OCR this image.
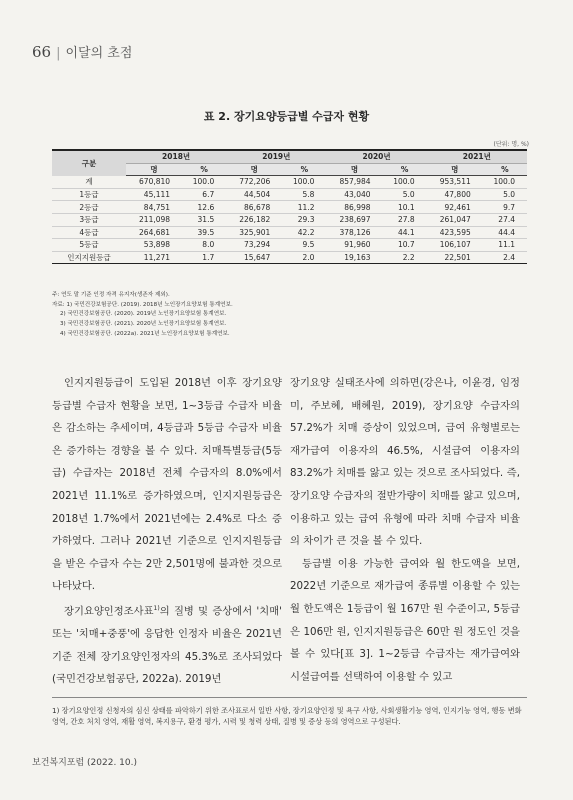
66 | 이달의 초점
표 2. 장기요양등급별 수급자 현황
(단위: 명, %)
구분	2018년		2019년		2020년		2021년	
	명	%	명	%	명	%	명	%
계	670,810	100.0	772,206	100.0	857,984	100.0	953,511	100.0
1등급	45,111	6.7	44,504	5.8	43,040	5.0	47,800	5.0
2등급	84,751	12.6	86,678	11.2	86,998	10.1	92,461	9.7
3등급	211,098	31.5	226,182	29.3	238,697	27.8	261,047	27.4
4등급	264,681	39.5	325,901	42.2	378,126	44.1	423,595	44.4
5등급	53,898	8.0	73,294	9.5	91,960	10.7	106,107	11.1
인지지원등급	11,271	1.7	15,647	2.0	19,163	2.2	22,501	2.4
주: 연도 말 기준 인정 자격 유지자(생존자 제외).
자료: 1) 국민건강보험공단. (2019). 2018년 노인장기요양보험 통계연보.
2) 국민건강보험공단. (2020). 2019년 노인장기요양보험 통계연보.
3) 국민건강보험공단. (2021). 2020년 노인장기요양보험 통계연보.
4) 국민건강보험공단. (2022a). 2021년 노인장기요양보험 통계연보.

인지지원등급이 도입된 2018년 이후 장기요양등급별 수급자 현황을 보면, 1~3등급 수급자 비율은 감소하는 추세이며, 4등급과 5등급 수급자 비율은 증가하는 경향을 볼 수 있다. 치매특별등급(5등급) 수급자는 2018년 전체 수급자의 8.0%에서 2021년 11.1%로 증가하였으며, 인지지원등급은 2018년 1.7%에서 2021년에는 2.4%로 다소 증가하였다. 그러나 2021년 기준으로 인지지원등급을 받은 수급자 수는 2만 2,501명에 불과한 것으로 나타났다.

장기요양인정조사표$^{1)}$의 질병 및 증상에서 '치매' 또는 '치매+중풍'에 응답한 인정자 비율은 2021년 기준 전체 장기요양인정자의 45.3%로 조사되었다(국민건강보험공단, 2022a). 2019년

장기요양 실태조사에 의하면(강은나, 이윤경, 임정미, 주보혜, 배혜원, 2019), 장기요양 수급자의 57.2%가 치매 증상이 있었으며, 급여 유형별로는 재가급여 이용자의 46.5%, 시설급여 이용자의 83.2%가 치매를 앓고 있는 것으로 조사되었다. 즉, 장기요양 수급자의 절반가량이 치매를 앓고 있으며, 이용하고 있는 급여 유형에 따라 치매 수급자 비율의 차이가 큰 것을 볼 수 있다.

등급별 이용 가능한 급여와 월 한도액을 보면, 2022년 기준으로 재가급여 종류별 이용할 수 있는 월 한도액은 1등급이 월 167만 원 수준이고, 5등급은 106만 원, 인지지원등급은 60만 원 정도인 것을 볼 수 있다[표 3]. 1~2등급 수급자는 재가급여와 시설급여를 선택하여 이용할 수 있고

1) 장기요양인정 신청자의 심신 상태를 파악하기 위한 조사표로서 일반 사항, 장기요양인정 및 욕구 사항, 사회생활기능 영역, 인지기능 영역, 행동 변화 영역, 간호 처치 영역, 재활 영역, 복지용구, 환경 평가, 시력 및 청력 상태, 질병 및 증상 등의 영역으로 구성된다.
보건복지포럼 (2022. 10.)
